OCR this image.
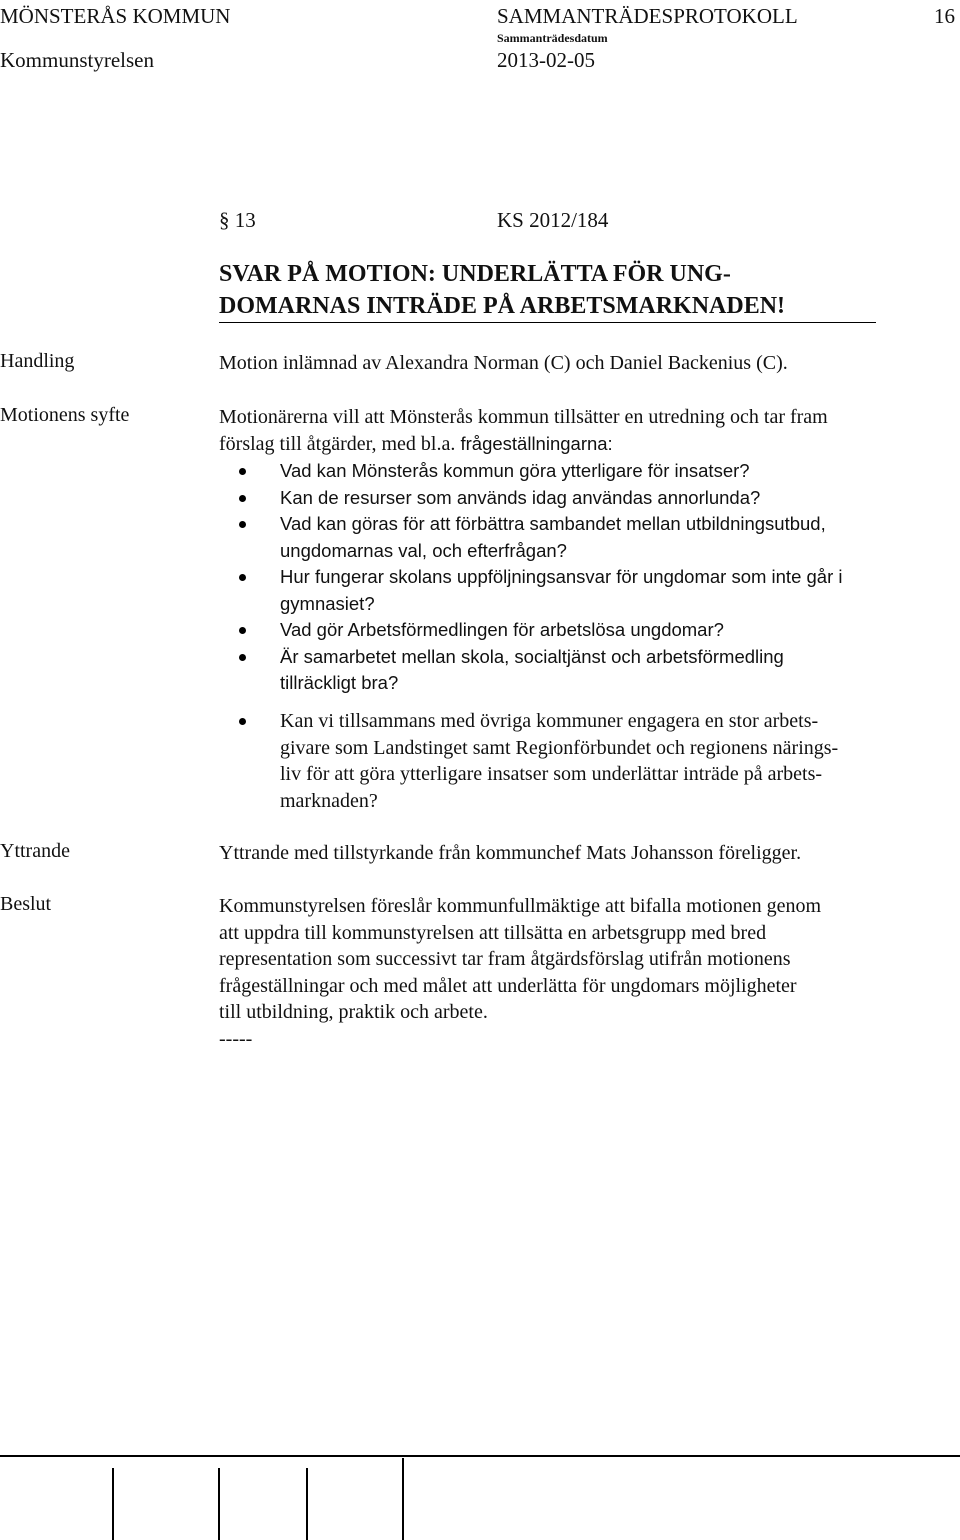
MÖNSTERÅS KOMMUN	SAMMANTRÄDESPROTOKOLL	16
Sammanträdesdatum
Kommunstyrelsen	2013-02-05
§ 13	KS 2012/184
SVAR PÅ MOTION: UNDERLÄTTA FÖR UNG-
DOMARNAS INTRÄDE PÅ ARBETSMARKNADEN!
Handling	Motion inlämnad av Alexandra Norman (C) och Daniel Backenius (C).
Motionens syfte	Motionärerna vill att Mönsterås kommun tillsätter en utredning och tar fram
förslag till åtgärder, med bl.a. frågeställningarna:
Vad kan Mönsterås kommun göra ytterligare för insatser?
Kan de resurser som används idag användas annorlunda?
Vad kan göras för att förbättra sambandet mellan utbildningsutbud,
ungdomarnas val, och efterfrågan?
Hur fungerar skolans uppföljningsansvar för ungdomar som inte går i
gymnasiet?
Vad gör Arbetsförmedlingen för arbetslösa ungdomar?
Är samarbetet mellan skola, socialtjänst och arbetsförmedling
tillräckligt bra?
Kan vi tillsammans med övriga kommuner engagera en stor arbets-
givare som Landstinget samt Regionförbundet och regionens närings-
liv för att göra ytterligare insatser som underlättar inträde på arbets-
marknaden?
Yttrande	Yttrande med tillstyrkande från kommunchef Mats Johansson föreligger.
Beslut	Kommunstyrelsen föreslår kommunfullmäktige att bifalla motionen genom
att uppdra till kommunstyrelsen att tillsätta en arbetsgrupp med bred
representation som successivt tar fram åtgärdsförslag utifrån motionens
frågeställningar och med målet att underlätta för ungdomars möjligheter
till utbildning, praktik och arbete.
-----
